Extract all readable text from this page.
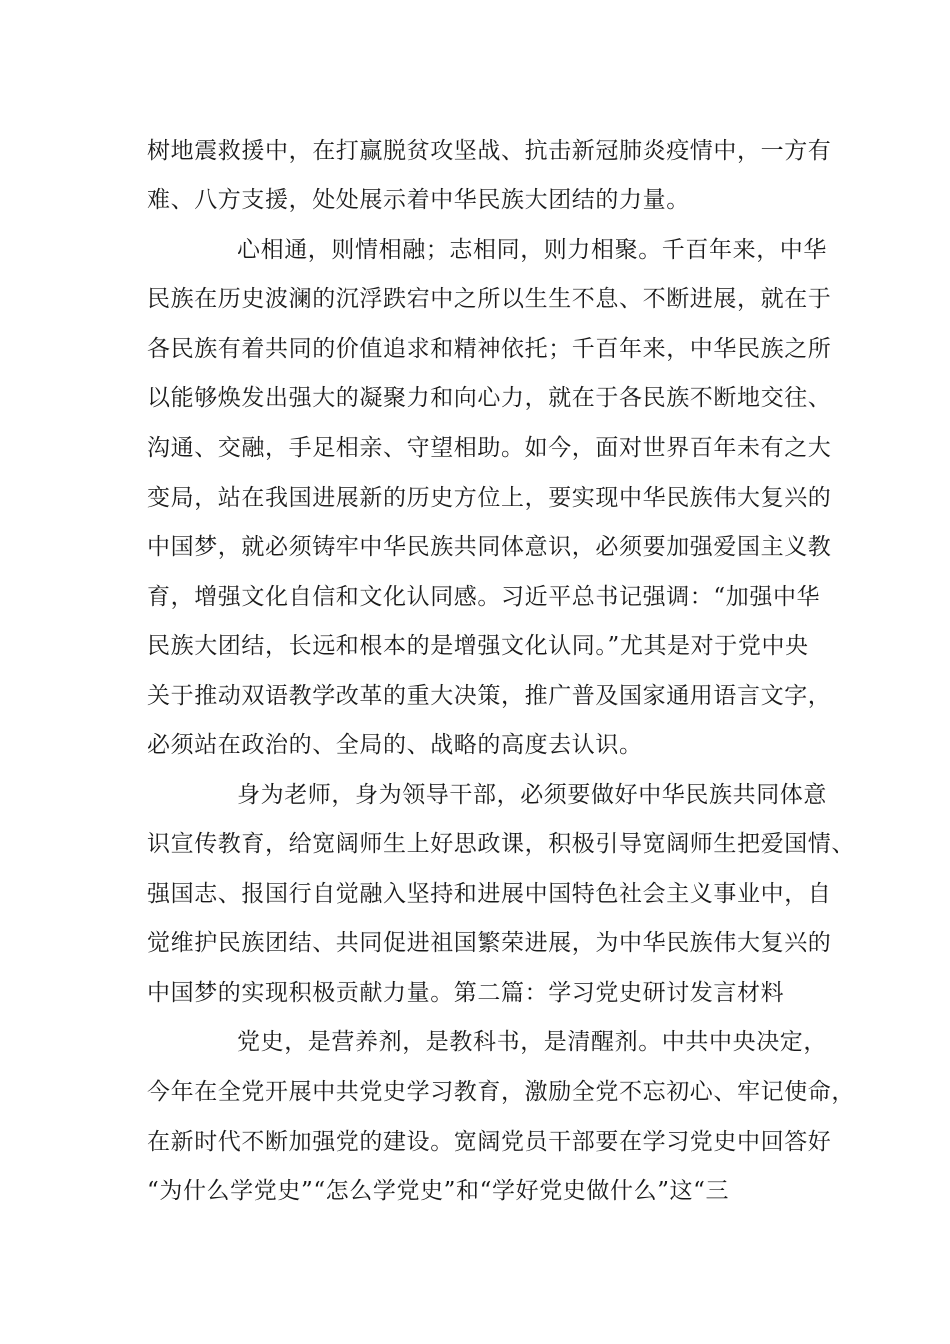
树地震救援中，在打赢脱贫攻坚战、抗击新冠肺炎疫情中，一方有
难、八方支援，处处展示着中华民族大团结的力量。
心相通，则情相融；志相同，则力相聚。千百年来，中华
民族在历史波澜的沉浮跌宕中之所以生生不息、不断进展，就在于
各民族有着共同的价值追求和精神依托；千百年来，中华民族之所
以能够焕发出强大的凝聚力和向心力，就在于各民族不断地交往、
沟通、交融，手足相亲、守望相助。如今，面对世界百年未有之大
变局，站在我国进展新的历史方位上，要实现中华民族伟大复兴的
中国梦，就必须铸牢中华民族共同体意识，必须要加强爱国主义教
育，增强文化自信和文化认同感。习近平总书记强调：“加强中华
民族大团结，长远和根本的是增强文化认同。”尤其是对于党中央
关于推动双语教学改革的重大决策，推广普及国家通用语言文字，
必须站在政治的、全局的、战略的高度去认识。
身为老师，身为领导干部，必须要做好中华民族共同体意
识宣传教育，给宽阔师生上好思政课，积极引导宽阔师生把爱国情、
强国志、报国行自觉融入坚持和进展中国特色社会主义事业中，自
觉维护民族团结、共同促进祖国繁荣进展，为中华民族伟大复兴的
中国梦的实现积极贡献力量。第二篇：学习党史研讨发言材料
党史，是营养剂，是教科书，是清醒剂。中共中央决定，
今年在全党开展中共党史学习教育，激励全党不忘初心、牢记使命，
在新时代不断加强党的建设。宽阔党员干部要在学习党史中回答好
“为什么学党史”“怎么学党史”和“学好党史做什么”这“三
